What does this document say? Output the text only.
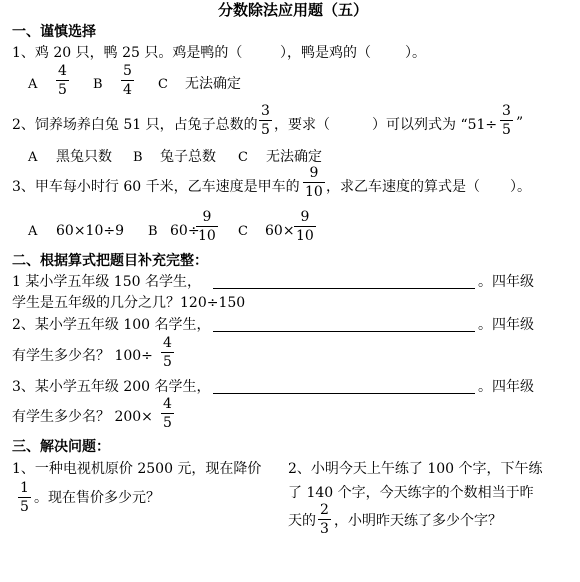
分数除法应用题（五）
一、谨慎选择
1、鸡 20 只，鸭 25 只。鸡是鸭的（	），鸭是鸡的（ ）。
A
4
5 B
5
4 C 无法确定
2、饲养场养白兔 51 只，占兔子总数的
3
5 ，要求（	）可以列式为 “51÷
3
5 ”
A 黑兔只数 B 兔子总数 C 无法确定
3、甲车每小时行 60 千米，乙车速度是甲车的
9
10 ，求乙车速度的算式是（ ）。
A 60×10÷9 B 60÷
9
10 C 60×
9
10
二、根据算式把题目补充完整：
1 某小学五年级 150 名学生，	。四年级
学生是五年级的几分之几？120÷150
2、某小学五年级 100 名学生，	。四年级
有学生多少名？ 100÷
4
5
3、某小学五年级 200 名学生，	。四年级
有学生多少名？ 200×
4
5
三、解决问题：
1、一种电视机原价 2500 元，现在降价
1
5
。现在售价多少元？
2、小明今天上午练了 100 个字，下午练
了 140 个字，今天练字的个数相当于昨
天的
2
3 ，小明昨天练了多少个字？
